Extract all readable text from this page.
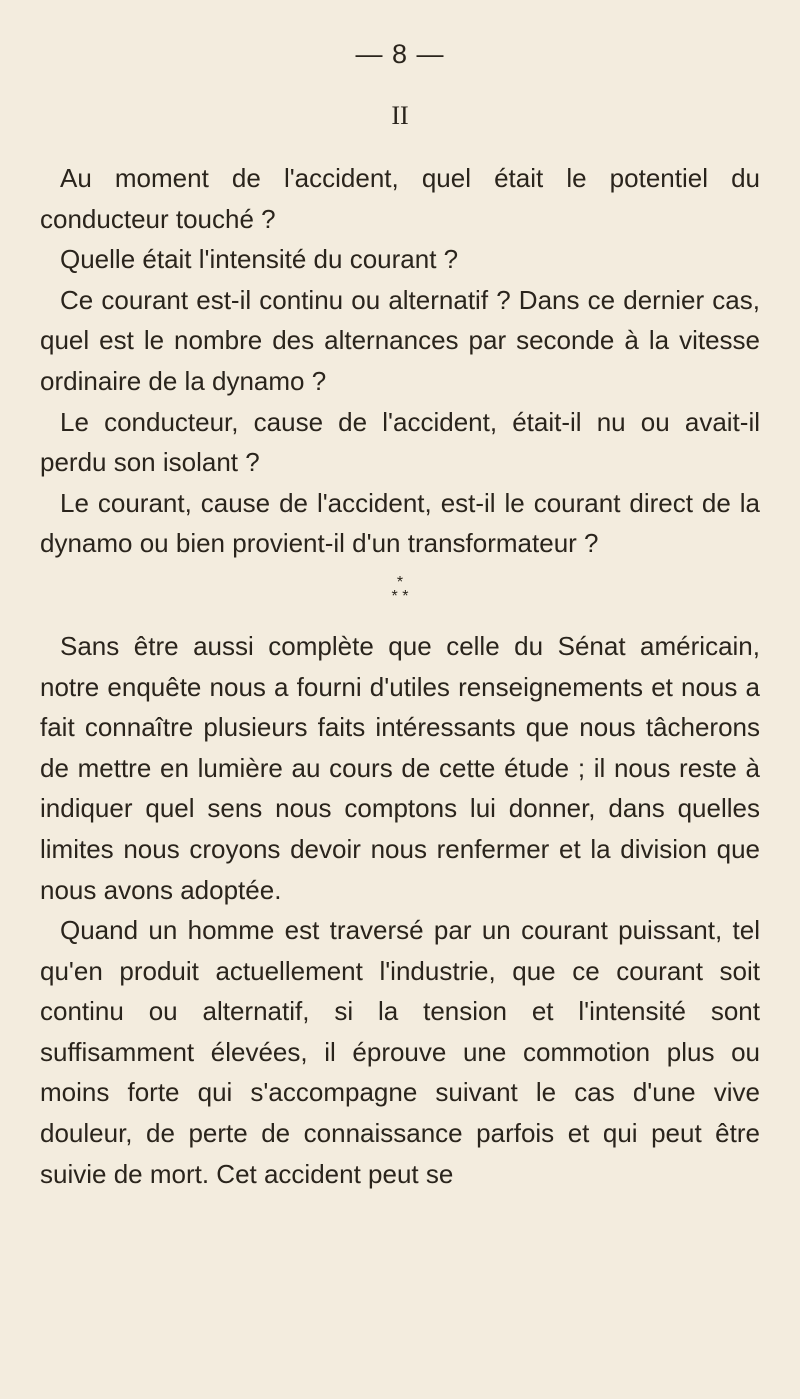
— 8 —
II

Au moment de l'accident, quel était le potentiel du conducteur touché ?

Quelle était l'intensité du courant ?

Ce courant est-il continu ou alternatif ? Dans ce dernier cas, quel est le nombre des alternances par seconde à la vitesse ordinaire de la dynamo ?

Le conducteur, cause de l'accident, était-il nu ou avait-il perdu son isolant ?

Le courant, cause de l'accident, est-il le courant direct de la dynamo ou bien provient-il d'un transformateur ?

*
* *

Sans être aussi complète que celle du Sénat américain, notre enquête nous a fourni d'utiles renseignements et nous a fait connaître plusieurs faits intéressants que nous tâcherons de mettre en lumière au cours de cette étude ; il nous reste à indiquer quel sens nous comptons lui donner, dans quelles limites nous croyons devoir nous renfermer et la division que nous avons adoptée.

Quand un homme est traversé par un courant puissant, tel qu'en produit actuellement l'industrie, que ce courant soit continu ou alternatif, si la tension et l'intensité sont suffisamment élevées, il éprouve une commotion plus ou moins forte qui s'accompagne suivant le cas d'une vive douleur, de perte de connaissance parfois et qui peut être suivie de mort. Cet accident peut se
